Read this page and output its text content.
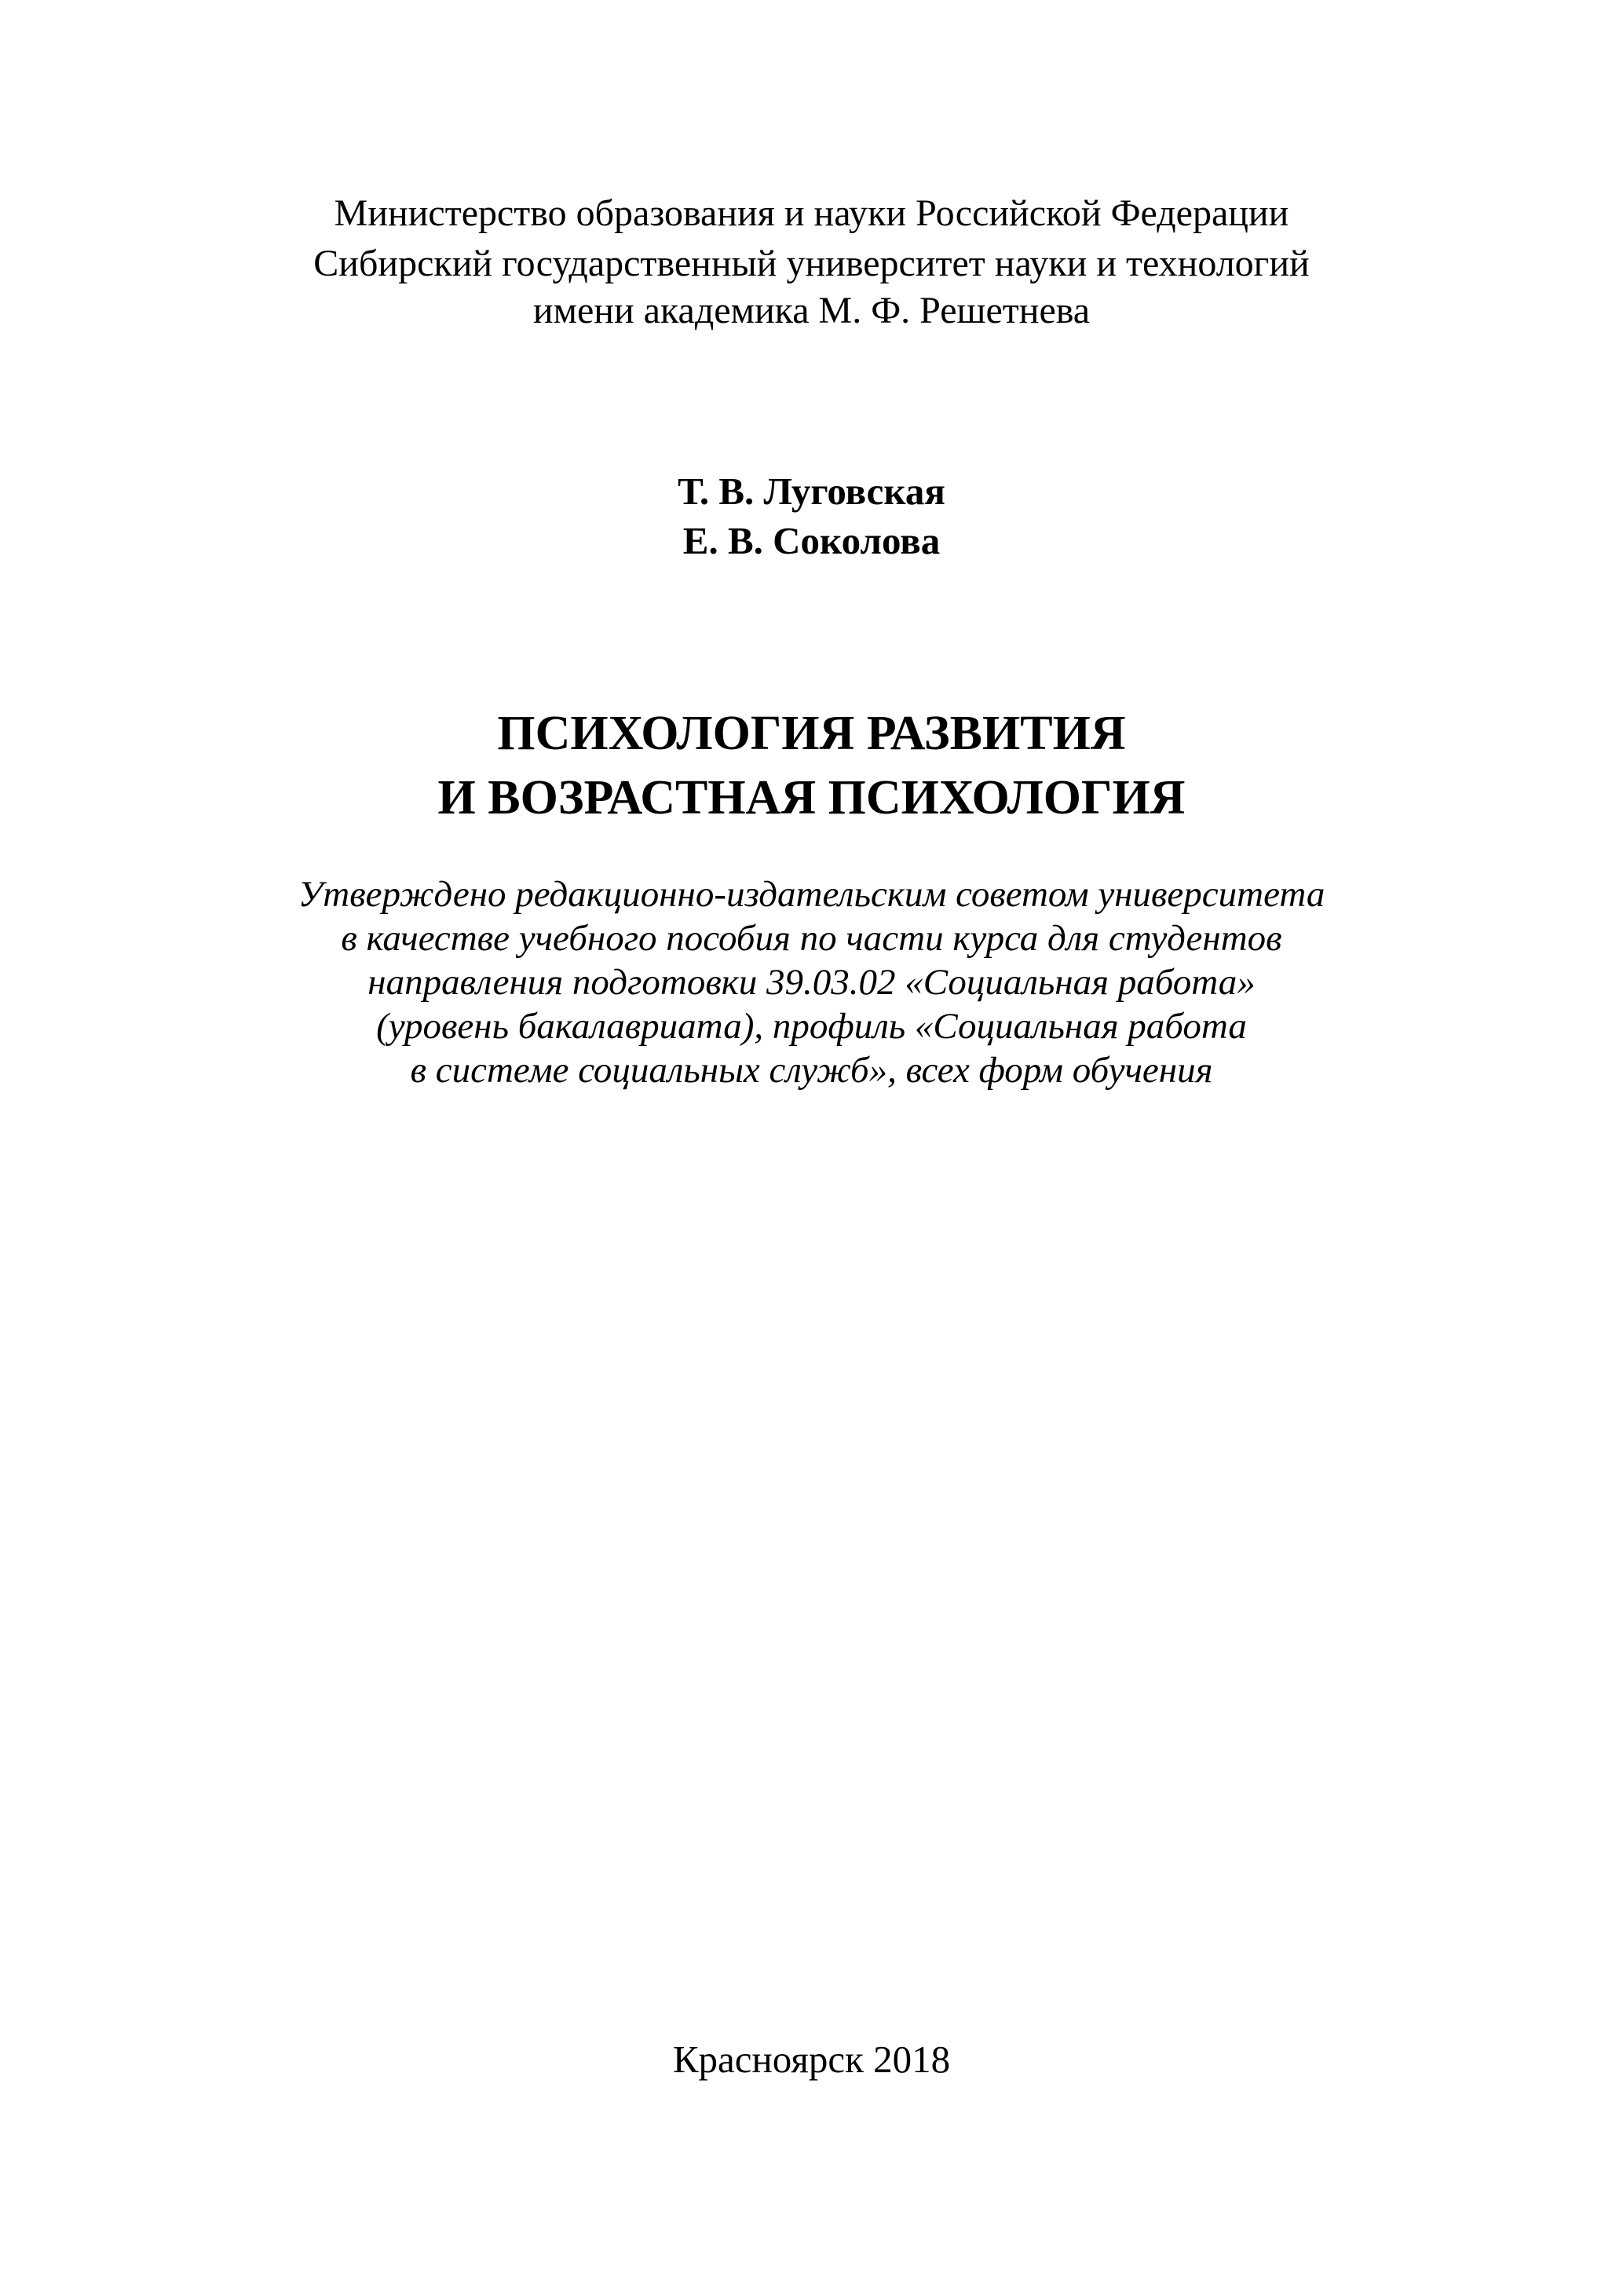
Министерство образования и науки Российской Федерации
Сибирский государственный университет науки и технологий
имени академика М. Ф. Решетнева
Т. В. Луговская
Е. В. Соколова
ПСИХОЛОГИЯ РАЗВИТИЯ
И ВОЗРАСТНАЯ ПСИХОЛОГИЯ
Утверждено редакционно-издательским советом университета
в качестве учебного пособия по части курса для студентов
направления подготовки 39.03.02 «Социальная работа»
(уровень бакалавриата), профиль «Социальная работа
в системе социальных служб», всех форм обучения
Красноярск 2018
